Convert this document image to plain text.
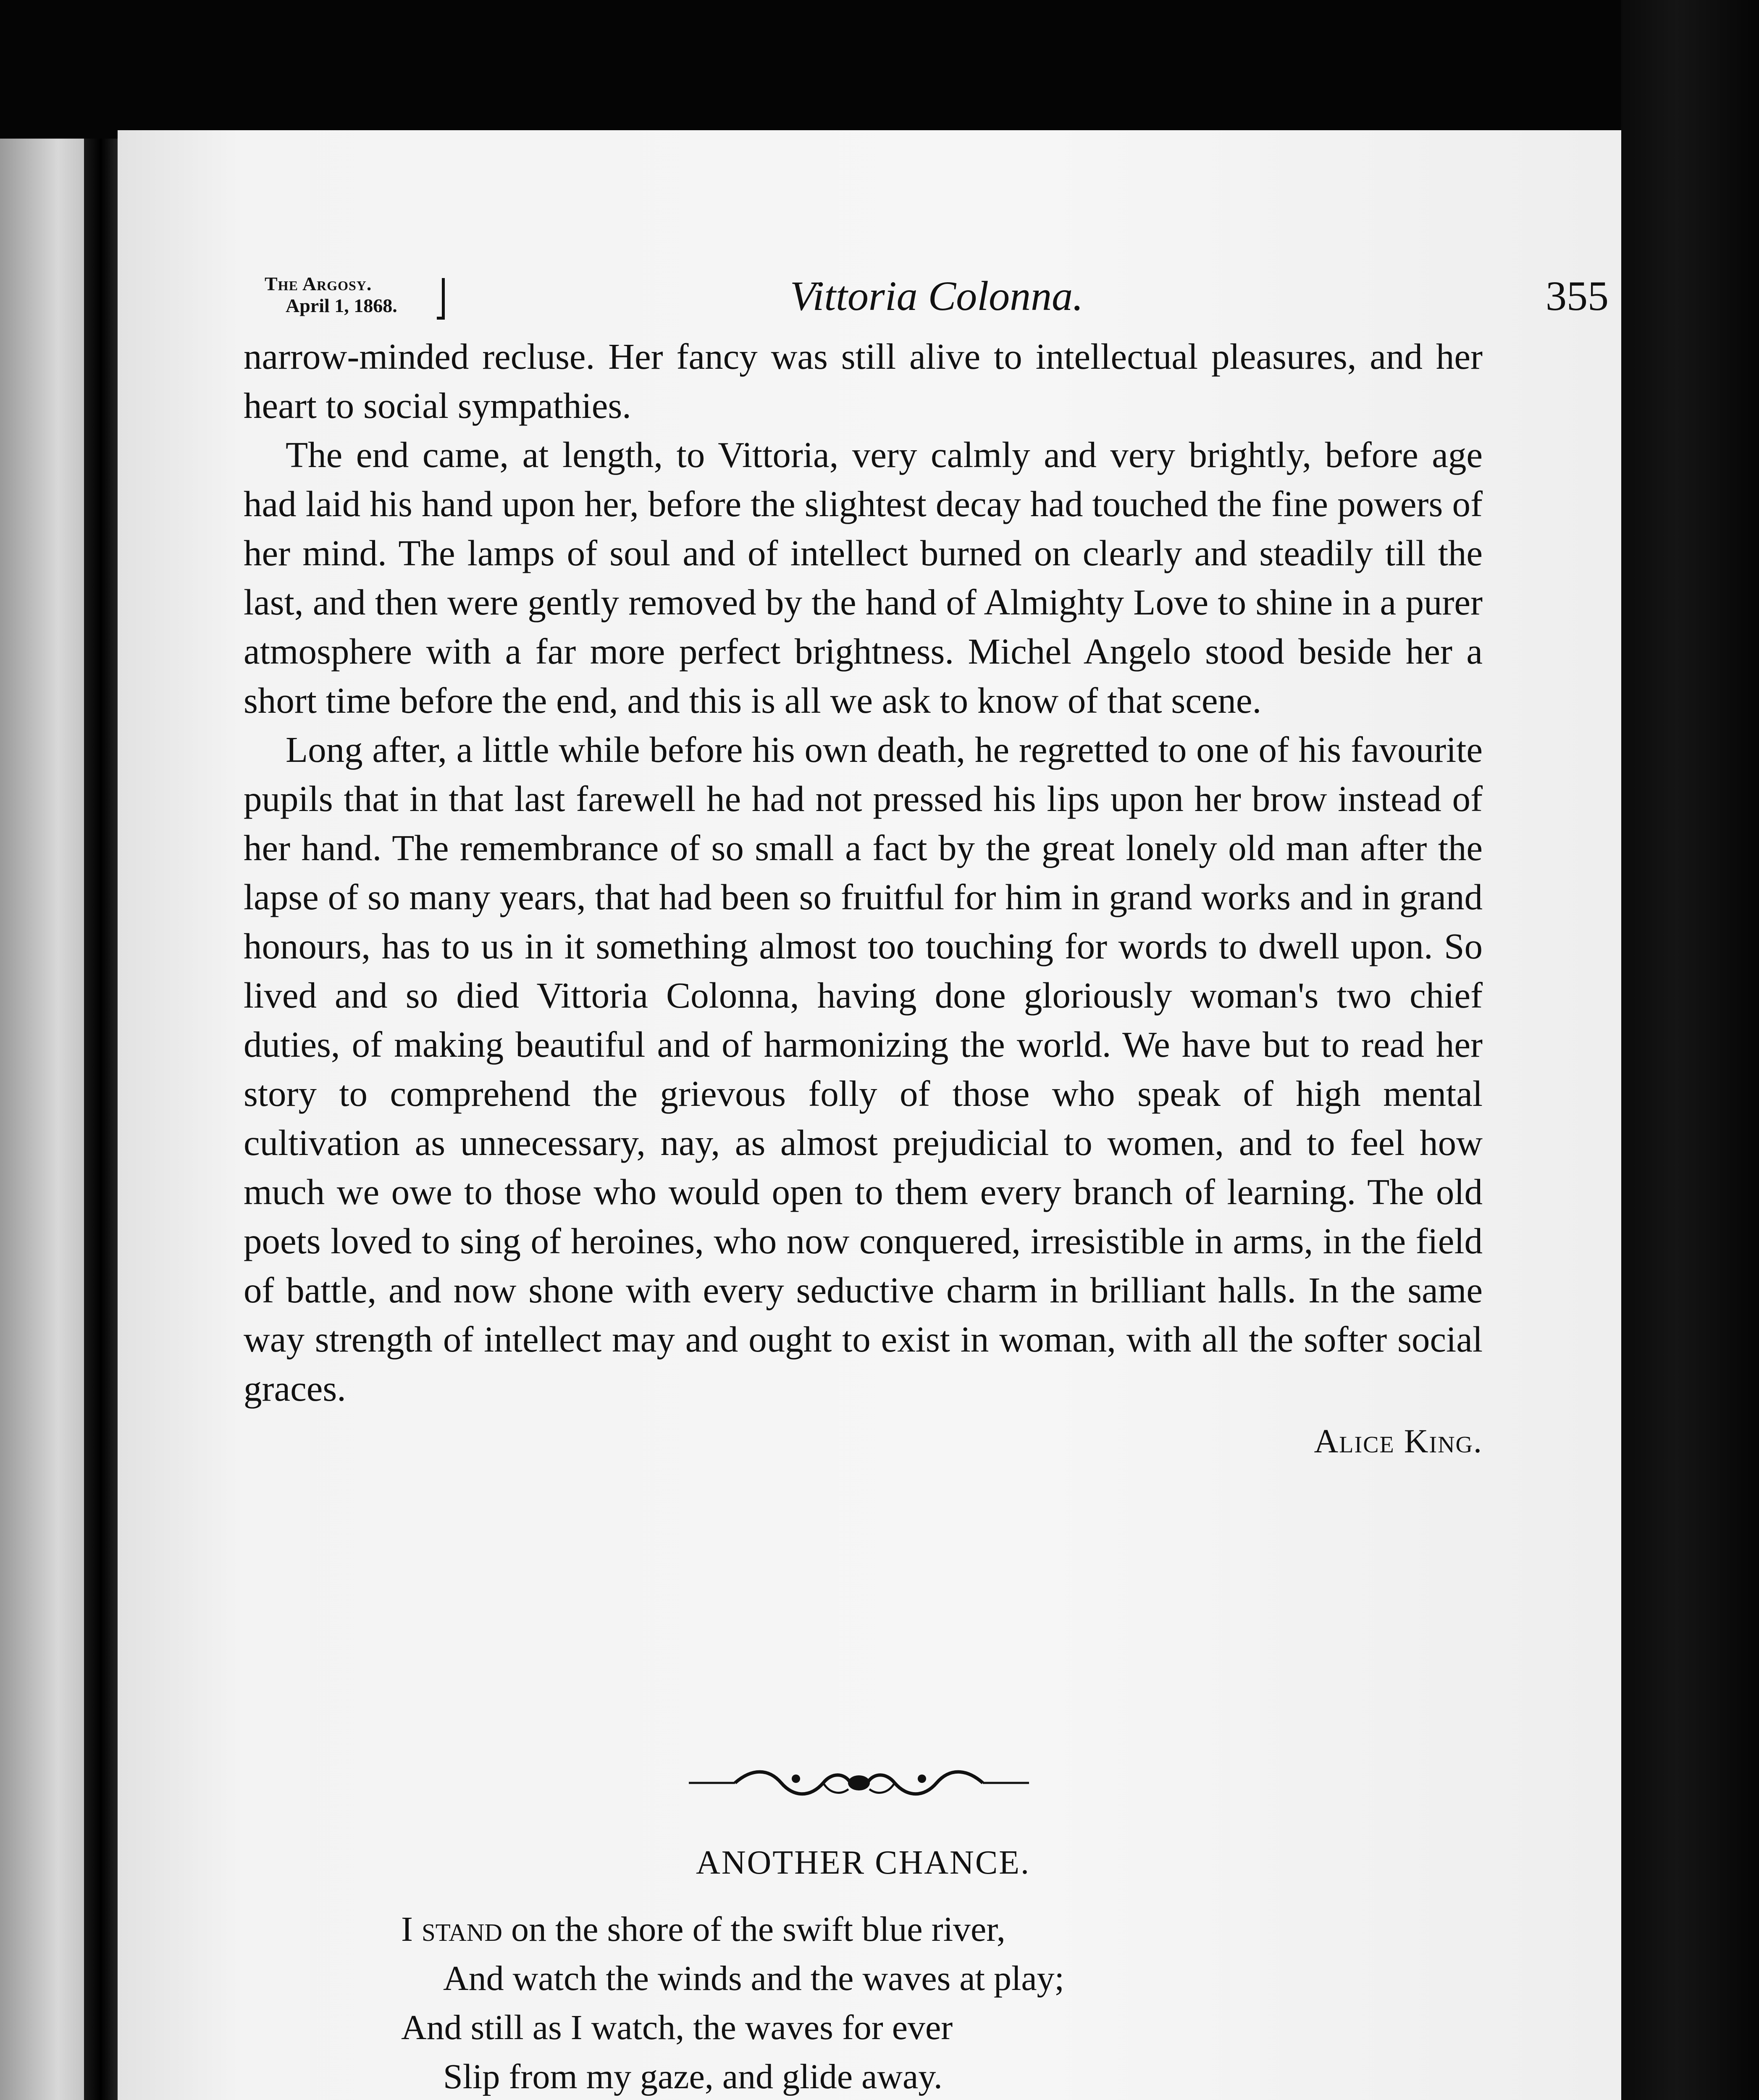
The Argosy.
April 1, 1868.	Vittoria Colonna.	355

narrow-minded recluse. Her fancy was still alive to intellectual pleasures, and her heart to social sympathies.

The end came, at length, to Vittoria, very calmly and very brightly, before age had laid his hand upon her, before the slightest decay had touched the fine powers of her mind. The lamps of soul and of intellect burned on clearly and steadily till the last, and then were gently removed by the hand of Almighty Love to shine in a purer atmosphere with a far more perfect brightness. Michel Angelo stood beside her a short time before the end, and this is all we ask to know of that scene.

Long after, a little while before his own death, he regretted to one of his favourite pupils that in that last farewell he had not pressed his lips upon her brow instead of her hand. The remembrance of so small a fact by the great lonely old man after the lapse of so many years, that had been so fruitful for him in grand works and in grand honours, has to us in it something almost too touching for words to dwell upon. So lived and so died Vittoria Colonna, having done gloriously woman's two chief duties, of making beautiful and of harmonizing the world. We have but to read her story to comprehend the grievous folly of those who speak of high mental cultivation as unnecessary, nay, as almost prejudicial to women, and to feel how much we owe to those who would open to them every branch of learning. The old poets loved to sing of heroines, who now conquered, irresistible in arms, in the field of battle, and now shone with every seductive charm in brilliant halls. In the same way strength of intellect may and ought to exist in woman, with all the softer social graces.

Alice King.

ANOTHER CHANCE.
I stand on the shore of the swift blue river,
And watch the winds and the waves at play;
And still as I watch, the waves for ever
Slip from my gaze, and glide away.
